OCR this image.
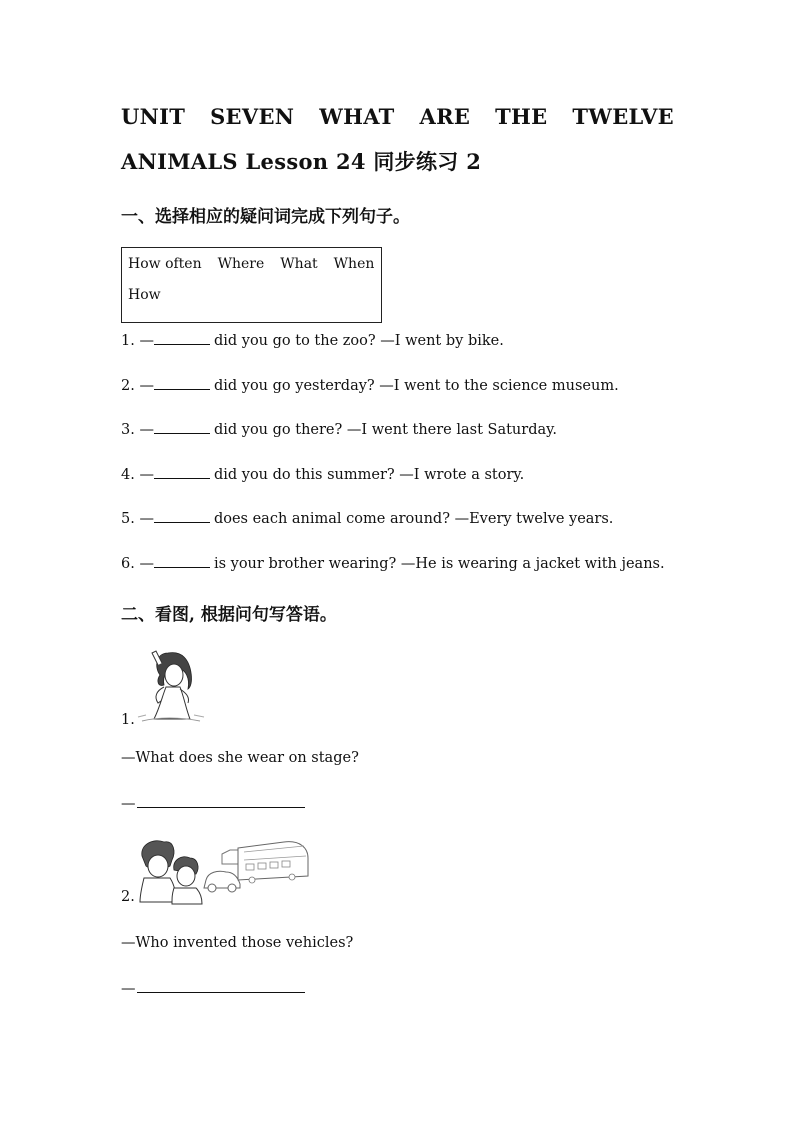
UNIT SEVEN WHAT ARE THE TWELVE
ANIMALS Lesson 24 同步练习 2
一、选择相应的疑问词完成下列句子。
How often Where What When
How
1. —	did you go to the zoo? —I went by bike.
2. —	did you go yesterday? —I went to the science museum.
3. —	did you go there? —I went there last Saturday.
4. —	did you do this summer? —I wrote a story.
5. —	does each animal come around? —Every twelve years.
6. —	is your brother wearing? —He is wearing a jacket with jeans.
二、看图, 根据问句写答语。
1.
—What does she wear on stage?
—
2.
—Who invented those vehicles?
—
